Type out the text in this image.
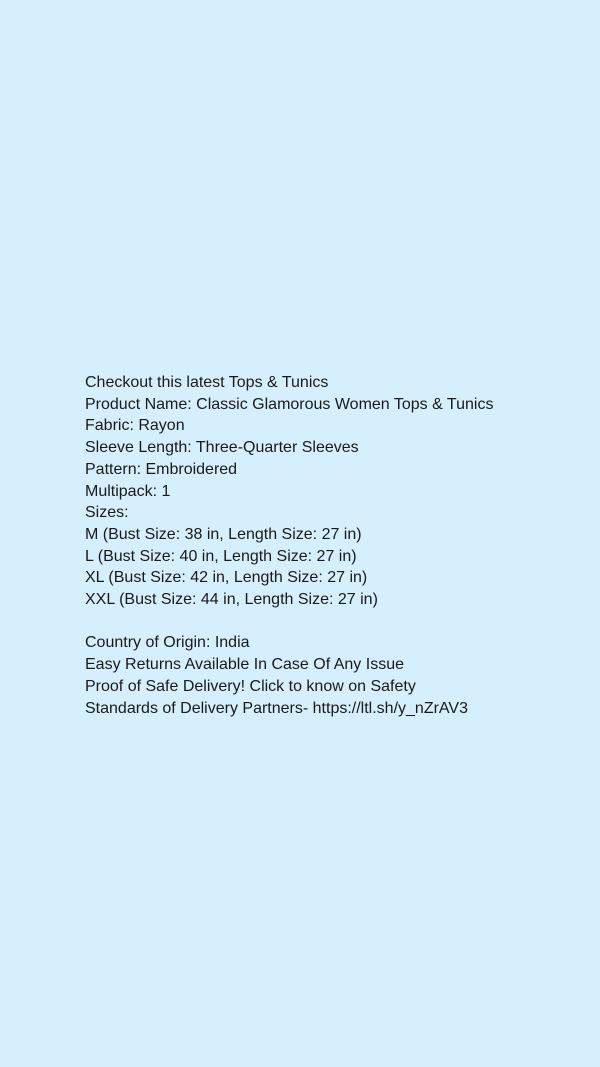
Checkout this latest Tops & Tunics
Product Name: Classic Glamorous Women Tops & Tunics
Fabric: Rayon
Sleeve Length: Three-Quarter Sleeves
Pattern: Embroidered
Multipack: 1
Sizes:
M (Bust Size: 38 in, Length Size: 27 in)
L (Bust Size: 40 in, Length Size: 27 in)
XL (Bust Size: 42 in, Length Size: 27 in)
XXL (Bust Size: 44 in, Length Size: 27 in)
Country of Origin: India
Easy Returns Available In Case Of Any Issue
Proof of Safe Delivery! Click to know on Safety
Standards of Delivery Partners- https://ltl.sh/y_nZrAV3
